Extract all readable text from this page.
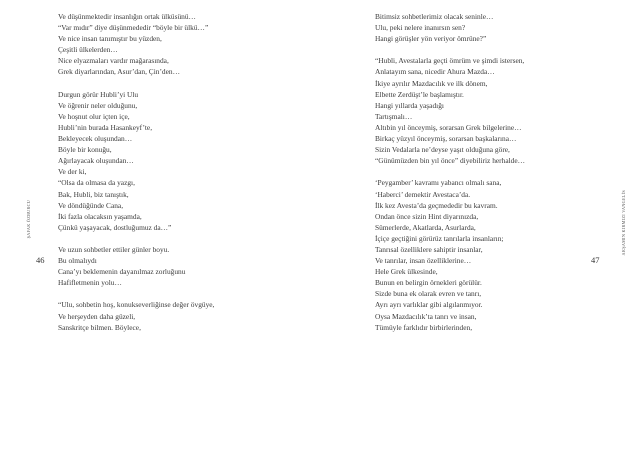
ŞAFAK ÖZBURCU
46
Ve düşünmektedir insanlığın ortak ülküsünü…
“Var mıdır” diye düşünmededir “böyle bir ülkü…”
Ve nice insan tanımıştır bu yüzden,
Çeşitli ülkelerden…
Nice elyazmaları vardır mağarasında,
Grek diyarlarından, Asur’dan, Çin’den…
Durgun görür Hubli’yi Ulu
Ve öğrenir neler olduğunu,
Ve hoşnut olur içten içe,
Hubli’nin burada Hasankeyf’te,
Bekleyecek oluşundan…
Böyle bir konuğu,
Ağırlayacak oluşundan…
Ve der ki,
“Olsa da olmasa da yazgı,
Bak, Hubli, biz tanıştık,
Ve döndüğünde Cana,
İki fazla olacaksın yaşamda,
Çünkü yaşayacak, dostluğumuz da…”
Ve uzun sohbetler ettiler günler boyu.
Bu olmalıydı
Cana’yı beklemenin dayanılmaz zorluğunu
Hafifletmenin yolu…
“Ulu, sohbetin hoş, konukseverliğinse değer övgüye,
Ve herşeyden daha güzeli,
Sanskritçe bilmen. Böylece,
Bitimsiz sohbetlerimiz olacak seninle…
Ulu, peki nelere inanırsın sen?
Hangi görüşler yön veriyor ömrüne?”
“Hubli, Avestalarla geçti ömrüm ve şimdi istersen,
Anlatayım sana, nicedir Ahura Mazda…
İkiye ayrılır Mazdacılık ve ilk dönem,
Elbette Zerdüşt’le başlamıştır.
Hangi yıllarda yaşadığı
Tartışmalı…
Altıbin yıl önceymiş, sorarsan Grek bilgelerine…
Birkaç yüzyıl önceymiş, sorarsan başkalarına…
Sizin Vedalarla ne’deyse yaşıt olduğuna göre,
“Günümüzden bin yıl önce” diyebiliriz herhalde…
‘Peygamber’ kavramı yabancı olmalı sana,
‘Haberci’ demektir Avestaca’da.
İlk kez Avesta’da geçmededir bu kavram.
Ondan önce sizin Hint diyarınızda,
Sümerlerde, Akatlarda, Asurlarda,
İçiçe geçtiğini görürüz tanrılarla insanların;
Tanrısal özelliklere sahiptir insanlar,
Ve tanrılar, insan özelliklerine…
Hele Grek ülkesinde,
Bunun en belirgin örnekleri görülür.
Sizde buna ek olarak evren ve tanrı,
Ayrı ayrı varlıklar gibi algılanmıyor.
Oysa Mazdacılık’ta tanrı ve insan,
Tümüyle farklıdır birbirlerinden,
47
AKŞAMIN KIRMIZI VANGELİS
